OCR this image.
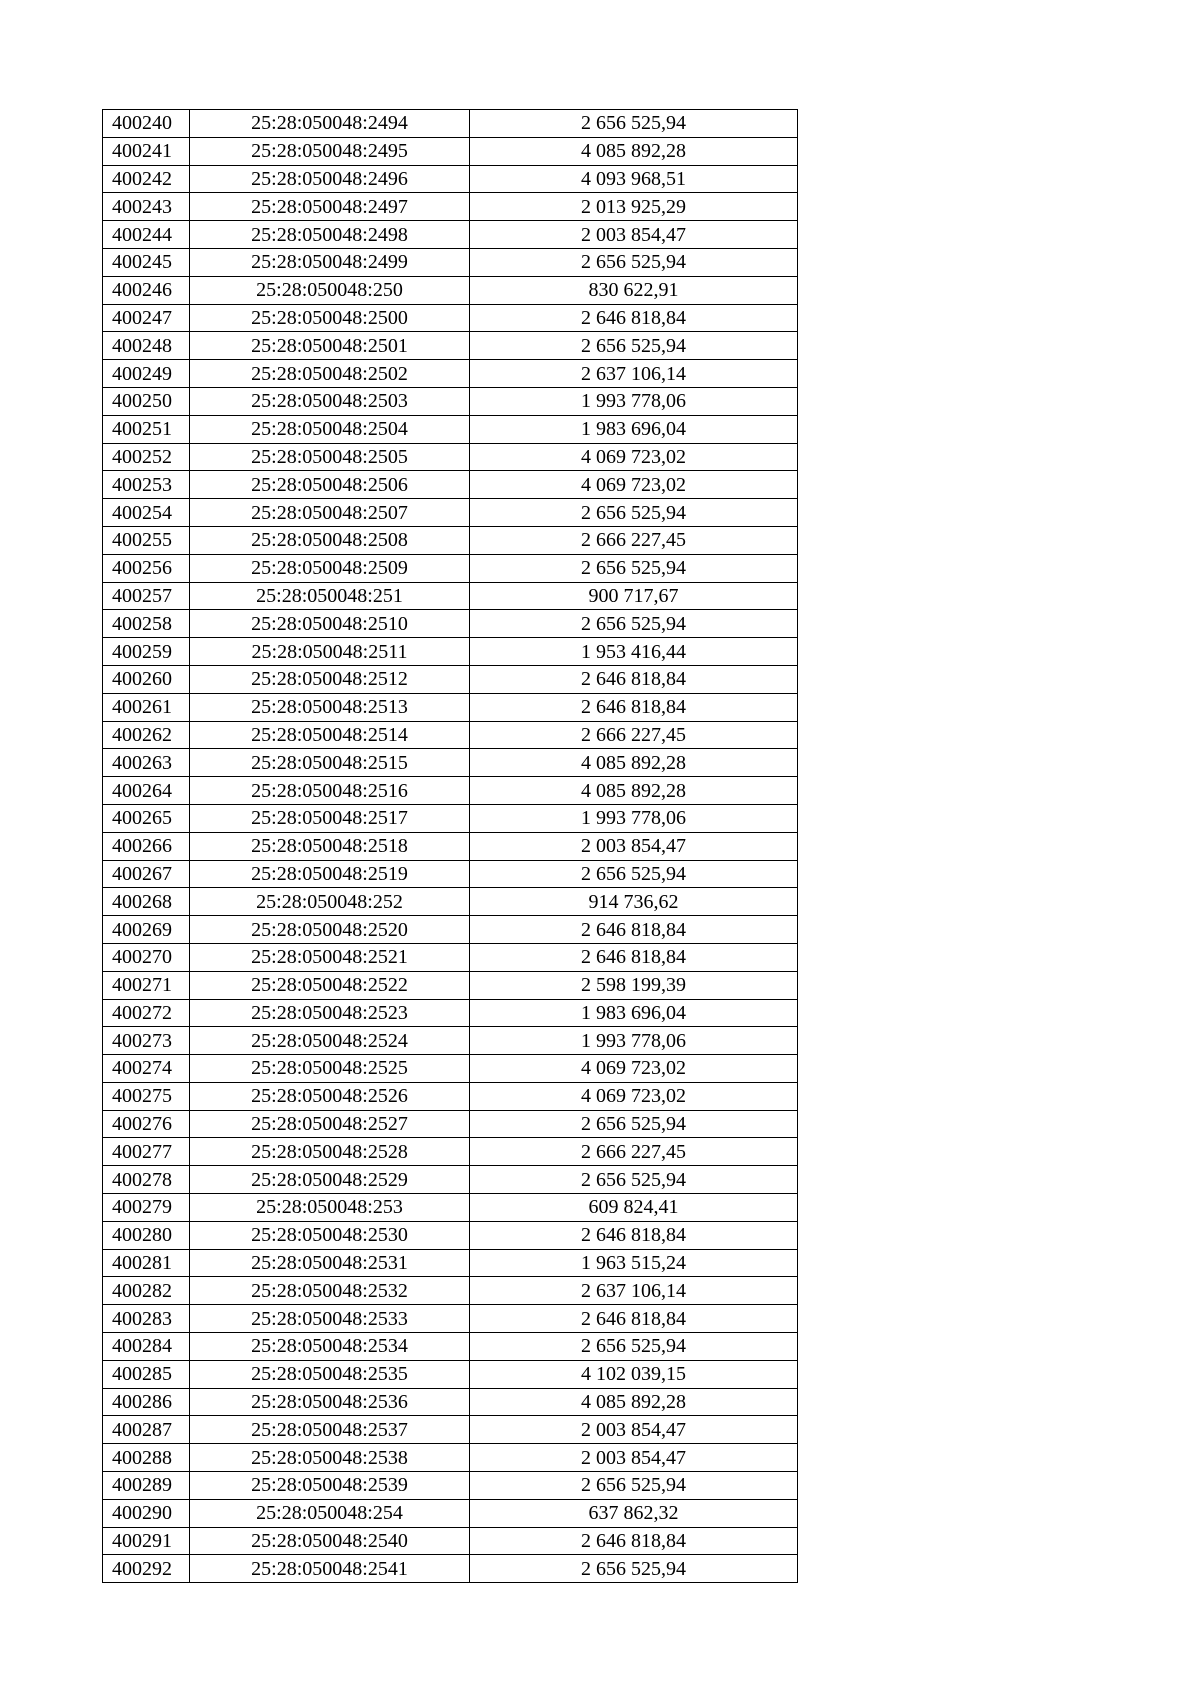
400240	25:28:050048:2494	2 656 525,94
400241	25:28:050048:2495	4 085 892,28
400242	25:28:050048:2496	4 093 968,51
400243	25:28:050048:2497	2 013 925,29
400244	25:28:050048:2498	2 003 854,47
400245	25:28:050048:2499	2 656 525,94
400246	25:28:050048:250	830 622,91
400247	25:28:050048:2500	2 646 818,84
400248	25:28:050048:2501	2 656 525,94
400249	25:28:050048:2502	2 637 106,14
400250	25:28:050048:2503	1 993 778,06
400251	25:28:050048:2504	1 983 696,04
400252	25:28:050048:2505	4 069 723,02
400253	25:28:050048:2506	4 069 723,02
400254	25:28:050048:2507	2 656 525,94
400255	25:28:050048:2508	2 666 227,45
400256	25:28:050048:2509	2 656 525,94
400257	25:28:050048:251	900 717,67
400258	25:28:050048:2510	2 656 525,94
400259	25:28:050048:2511	1 953 416,44
400260	25:28:050048:2512	2 646 818,84
400261	25:28:050048:2513	2 646 818,84
400262	25:28:050048:2514	2 666 227,45
400263	25:28:050048:2515	4 085 892,28
400264	25:28:050048:2516	4 085 892,28
400265	25:28:050048:2517	1 993 778,06
400266	25:28:050048:2518	2 003 854,47
400267	25:28:050048:2519	2 656 525,94
400268	25:28:050048:252	914 736,62
400269	25:28:050048:2520	2 646 818,84
400270	25:28:050048:2521	2 646 818,84
400271	25:28:050048:2522	2 598 199,39
400272	25:28:050048:2523	1 983 696,04
400273	25:28:050048:2524	1 993 778,06
400274	25:28:050048:2525	4 069 723,02
400275	25:28:050048:2526	4 069 723,02
400276	25:28:050048:2527	2 656 525,94
400277	25:28:050048:2528	2 666 227,45
400278	25:28:050048:2529	2 656 525,94
400279	25:28:050048:253	609 824,41
400280	25:28:050048:2530	2 646 818,84
400281	25:28:050048:2531	1 963 515,24
400282	25:28:050048:2532	2 637 106,14
400283	25:28:050048:2533	2 646 818,84
400284	25:28:050048:2534	2 656 525,94
400285	25:28:050048:2535	4 102 039,15
400286	25:28:050048:2536	4 085 892,28
400287	25:28:050048:2537	2 003 854,47
400288	25:28:050048:2538	2 003 854,47
400289	25:28:050048:2539	2 656 525,94
400290	25:28:050048:254	637 862,32
400291	25:28:050048:2540	2 646 818,84
400292	25:28:050048:2541	2 656 525,94
